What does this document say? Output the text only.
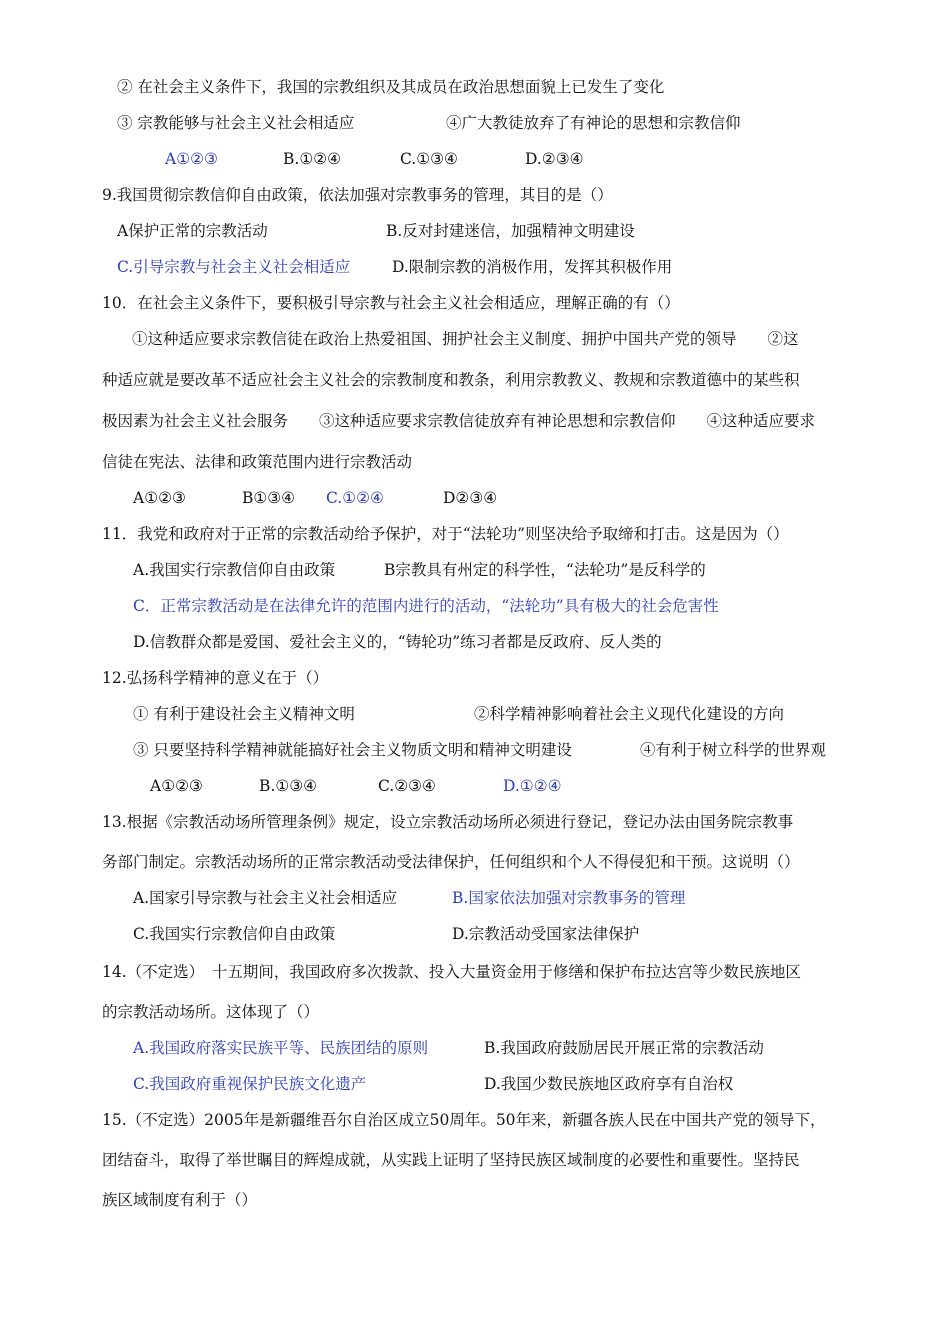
② 在社会主义条件下，我国的宗教组织及其成员在政治思想面貌上已发生了变化
③ 宗教能够与社会主义社会相适应	④广大教徒放弃了有神论的思想和宗教信仰
A①②③	B.①②④	C.①③④	D.②③④
9.我国贯彻宗教信仰自由政策，依法加强对宗教事务的管理，其目的是（）
A保护正常的宗教活动	B.反对封建迷信，加强精神文明建设
C.引导宗教与社会主义社会相适应	D.限制宗教的消极作用，发挥其积极作用
10．在社会主义条件下，要积极引导宗教与社会主义社会相适应，理解正确的有（）
①这种适应要求宗教信徒在政治上热爱祖国、拥护社会主义制度、拥护中国共产党的领导　　②这
种适应就是要改革不适应社会主义社会的宗教制度和教条，利用宗教教义、教规和宗教道德中的某些积
极因素为社会主义社会服务　　③这种适应要求宗教信徒放弃有神论思想和宗教信仰　　④这种适应要求
信徒在宪法、法律和政策范围内进行宗教活动
A①②③	B①③④ C.①②④	D②③④
11．我党和政府对于正常的宗教活动给予保护，对于“法轮功”则坚决给予取缔和打击。这是因为（）
A.我国实行宗教信仰自由政策	B宗教具有州定的科学性，“法轮功”是反科学的
C．正常宗教活动是在法律允许的范围内进行的活动，“法轮功”具有极大的社会危害性
D.信教群众都是爱国、爱社会主义的，“铸轮功”练习者都是反政府、反人类的
12.弘扬科学精神的意义在于（）
① 有利于建设社会主义精神文明	②科学精神影响着社会主义现代化建设的方向
③ 只要坚持科学精神就能搞好社会主义物质文明和精神文明建设	④有利于树立科学的世界观
A①②③	B.①③④	C.②③④	D.①②④
13.根据《宗教活动场所管理条例》规定，设立宗教活动场所必须进行登记，登记办法由国务院宗教事
务部门制定。宗教活动场所的正常宗教活动受法律保护，任何组织和个人不得侵犯和干预。这说明（）
A.国家引导宗教与社会主义社会相适应	B.国家依法加强对宗教事务的管理
C.我国实行宗教信仰自由政策	D.宗教活动受国家法律保护
14.（不定选）　十五期间，我国政府多次拨款、投入大量资金用于修缮和保护布拉达宫等少数民族地区
的宗教活动场所。这体现了（）
A.我国政府落实民族平等、民族团结的原则	B.我国政府鼓励居民开展正常的宗教活动
C.我国政府重视保护民族文化遗产	D.我国少数民族地区政府享有自治权
15.（不定选）2005年是新疆维吾尔自治区成立50周年。50年来，新疆各族人民在中国共产党的领导下，
团结奋斗，取得了举世瞩目的辉煌成就，从实践上证明了坚持民族区域制度的必要性和重要性。坚持民
族区域制度有利于（）
